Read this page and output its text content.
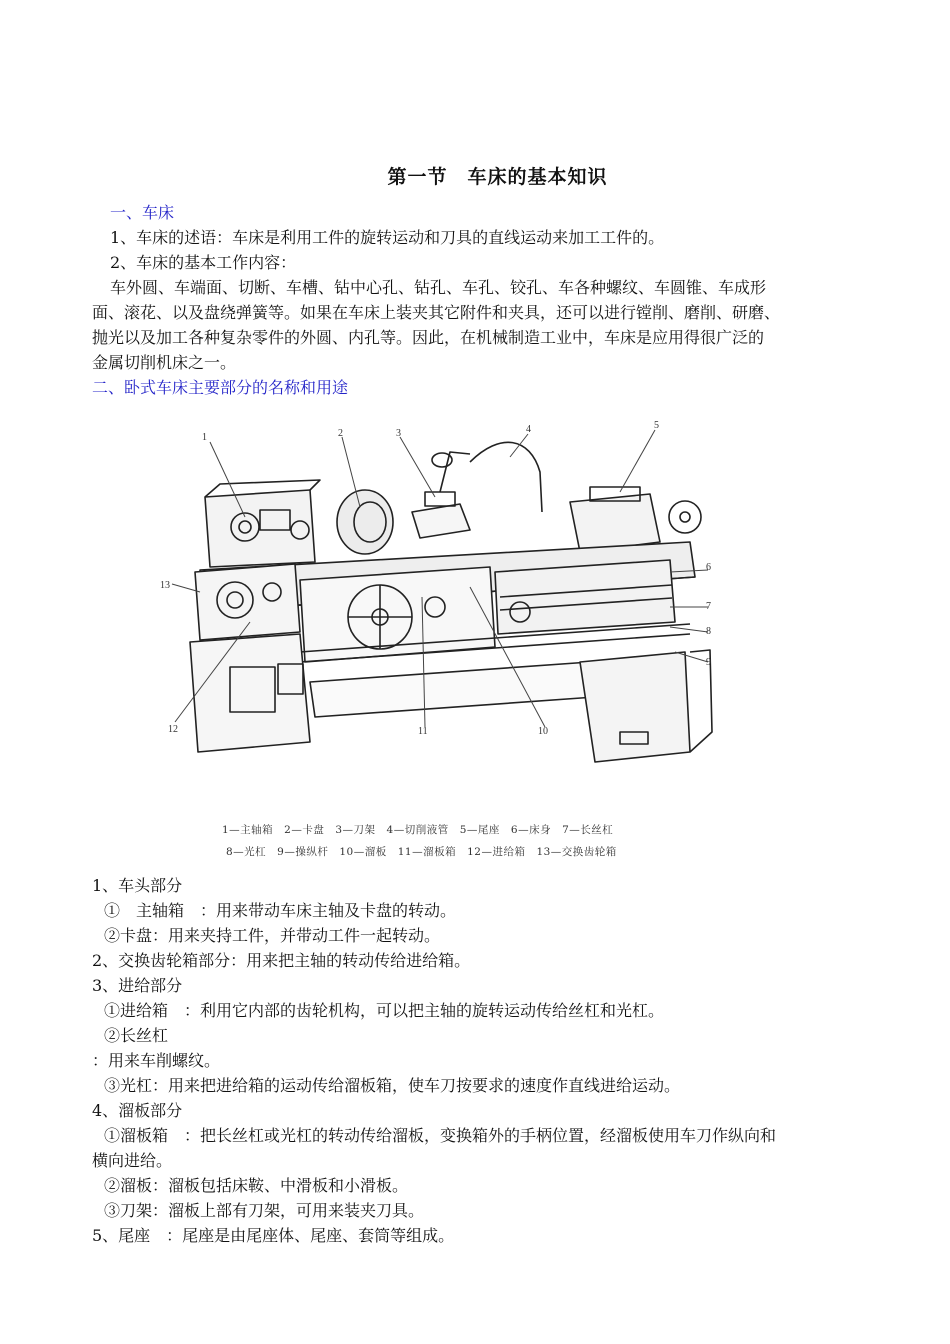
第一节　车床的基本知识
一、车床
1、车床的述语：车床是利用工件的旋转运动和刀具的直线运动来加工工件的。
2、车床的基本工作内容：
车外圆、车端面、切断、车槽、钻中心孔、钻孔、车孔、铰孔、车各种螺纹、车圆锥、车成形
面、滚花、以及盘绕弹簧等。如果在车床上装夹其它附件和夹具，还可以进行镗削、磨削、研磨、
抛光以及加工各种复杂零件的外圆、内孔等。因此，在机械制造工业中，车床是应用得很广泛的
金属切削机床之一。
二、卧式车床主要部分的名称和用途
1	2	3	4	5
6
7
8
9
10
11
12
13
1—主轴箱　2—卡盘　3—刀架　4—切削液管　5—尾座　6—床身　7—长丝杠
8—光杠　9—操纵杆　10—溜板　11—溜板箱　12—进给箱　13—交换齿轮箱
1、车头部分
①　主轴箱　：用来带动车床主轴及卡盘的转动。
②卡盘：用来夹持工件，并带动工件一起转动。
2、交换齿轮箱部分：用来把主轴的转动传给进给箱。
3、进给部分
①进给箱　：利用它内部的齿轮机构，可以把主轴的旋转运动传给丝杠和光杠。
②长丝杠
：用来车削螺纹。
③光杠：用来把进给箱的运动传给溜板箱，使车刀按要求的速度作直线进给运动。
4、溜板部分
①溜板箱　：把长丝杠或光杠的转动传给溜板，变换箱外的手柄位置，经溜板使用车刀作纵向和
横向进给。
②溜板：溜板包括床鞍、中滑板和小滑板。
③刀架：溜板上部有刀架，可用来装夹刀具。
5、尾座　：尾座是由尾座体、尾座、套筒等组成。
